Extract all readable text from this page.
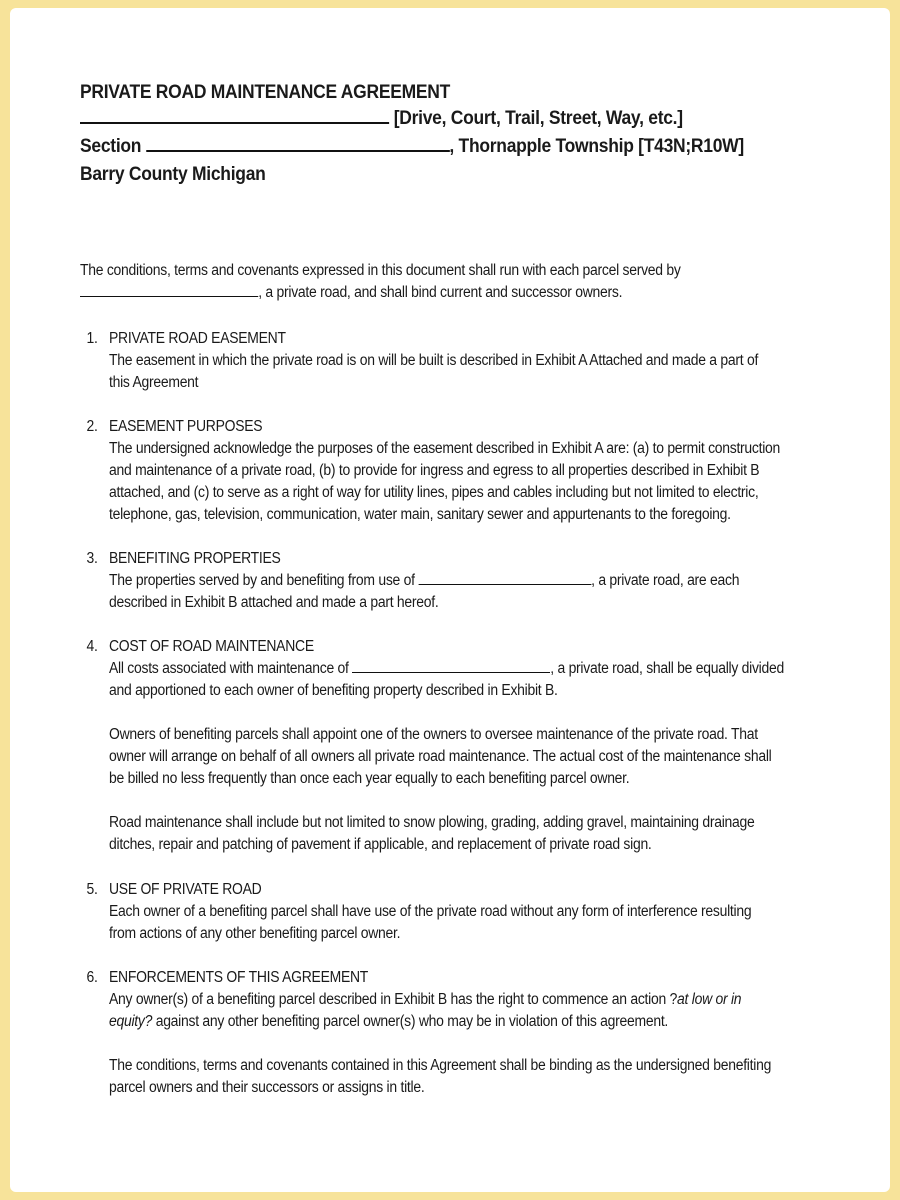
PRIVATE ROAD MAINTENANCE AGREEMENT
[Drive, Court, Trail, Street, Way, etc.]
Section	, Thornapple Township [T43N;R10W]
Barry County Michigan
The conditions, terms and covenants expressed in this document shall run with each parcel served by
, a private road, and shall bind current and successor owners.
1. PRIVATE ROAD EASEMENT
The easement in which the private road is on will be built is described in Exhibit A Attached and made a part of
this Agreement
2. EASEMENT PURPOSES
The undersigned acknowledge the purposes of the easement described in Exhibit A are: (a) to permit construction
and maintenance of a private road, (b) to provide for ingress and egress to all properties described in Exhibit B
attached, and (c) to serve as a right of way for utility lines, pipes and cables including but not limited to electric,
telephone, gas, television, communication, water main, sanitary sewer and appurtenants to the foregoing.
3. BENEFITING PROPERTIES
The properties served by and benefiting from use of	, a private road, are each
described in Exhibit B attached and made a part hereof.
4. COST OF ROAD MAINTENANCE
All costs associated with maintenance of	, a private road, shall be equally divided
and apportioned to each owner of benefiting property described in Exhibit B.
Owners of benefiting parcels shall appoint one of the owners to oversee maintenance of the private road. That
owner will arrange on behalf of all owners all private road maintenance. The actual cost of the maintenance shall
be billed no less frequently than once each year equally to each benefiting parcel owner.
Road maintenance shall include but not limited to snow plowing, grading, adding gravel, maintaining drainage
ditches, repair and patching of pavement if applicable, and replacement of private road sign.
5. USE OF PRIVATE ROAD
Each owner of a benefiting parcel shall have use of the private road without any form of interference resulting
from actions of any other benefiting parcel owner.
6. ENFORCEMENTS OF THIS AGREEMENT
Any owner(s) of a benefiting parcel described in Exhibit B has the right to commence an action ?at low or in
equity? against any other benefiting parcel owner(s) who may be in violation of this agreement.
The conditions, terms and covenants contained in this Agreement shall be binding as the undersigned benefiting
parcel owners and their successors or assigns in title.
